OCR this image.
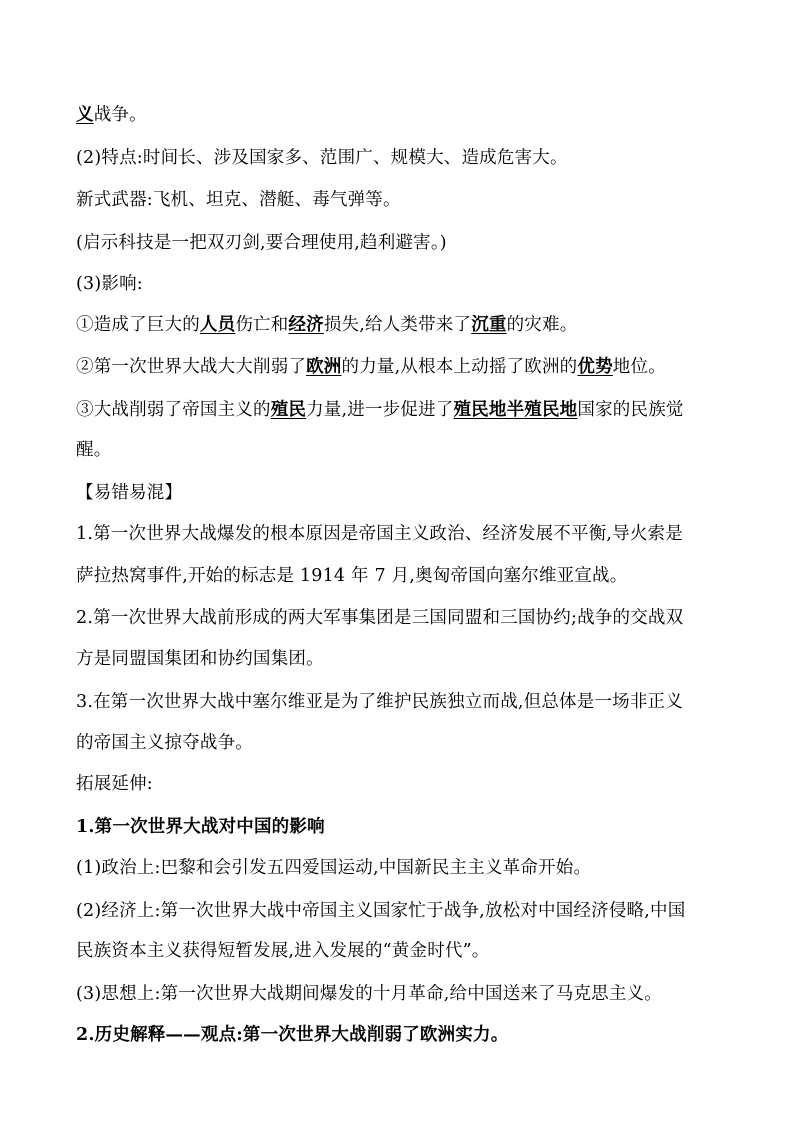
义战争。
(2)特点:时间长、涉及国家多、范围广、规模大、造成危害大。
新式武器:飞机、坦克、潜艇、毒气弹等。
(启示科技是一把双刃剑,要合理使用,趋利避害。)
(3)影响:
①造成了巨大的人员伤亡和经济损失,给人类带来了沉重的灾难。
②第一次世界大战大大削弱了欧洲的力量,从根本上动摇了欧洲的优势地位。
③大战削弱了帝国主义的殖民力量,进一步促进了殖民地半殖民地国家的民族觉
醒。
【易错易混】
1.第一次世界大战爆发的根本原因是帝国主义政治、经济发展不平衡,导火索是
萨拉热窝事件,开始的标志是 1914 年 7 月,奥匈帝国向塞尔维亚宣战。
2.第一次世界大战前形成的两大军事集团是三国同盟和三国协约;战争的交战双
方是同盟国集团和协约国集团。
3.在第一次世界大战中塞尔维亚是为了维护民族独立而战,但总体是一场非正义
的帝国主义掠夺战争。
拓展延伸:
1.第一次世界大战对中国的影响
(1)政治上:巴黎和会引发五四爱国运动,中国新民主主义革命开始。
(2)经济上:第一次世界大战中帝国主义国家忙于战争,放松对中国经济侵略,中国
民族资本主义获得短暂发展,进入发展的“黄金时代”。
(3)思想上:第一次世界大战期间爆发的十月革命,给中国送来了马克思主义。
2.历史解释——观点:第一次世界大战削弱了欧洲实力。
